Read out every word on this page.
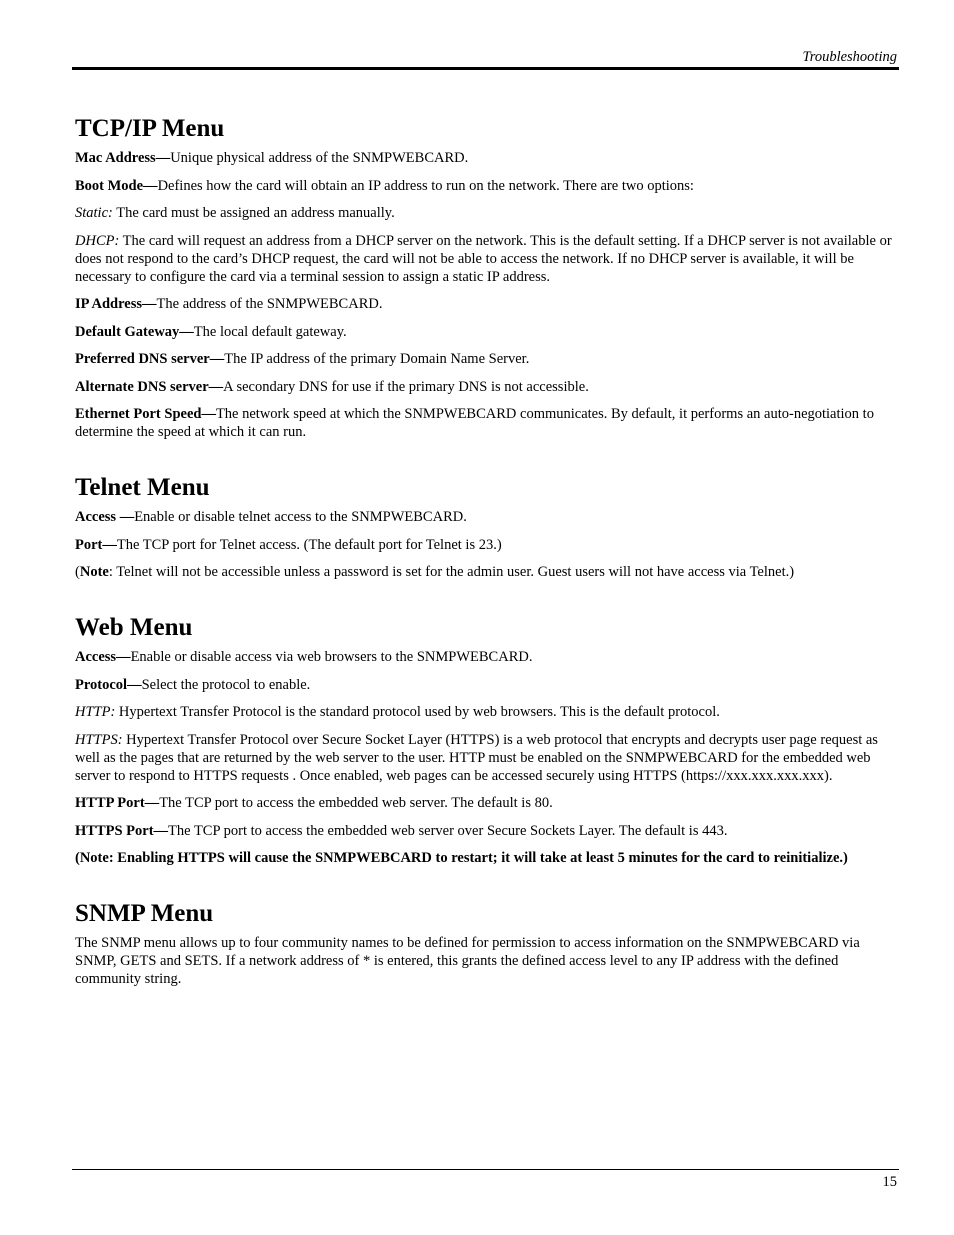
Troubleshooting
TCP/IP Menu

Mac Address—Unique physical address of the SNMPWEBCARD.

Boot Mode—Defines how the card will obtain an IP address to run on the network. There are two options:

Static: The card must be assigned an address manually.

DHCP: The card will request an address from a DHCP server on the network. This is the default setting. If a DHCP server is not available or does not respond to the card’s DHCP request, the card will not be able to access the network. If no DHCP server is available, it will be necessary to configure the card via a terminal session to assign a static IP address.

IP Address—The address of the SNMPWEBCARD.

Default Gateway—The local default gateway.

Preferred DNS server—The IP address of the primary Domain Name Server.

Alternate DNS server—A secondary DNS for use if the primary DNS is not accessible.

Ethernet Port Speed—The network speed at which the SNMPWEBCARD communicates. By default, it performs an auto-negotiation to determine the speed at which it can run.

Telnet Menu

Access —Enable or disable telnet access to the SNMPWEBCARD.

Port—The TCP port for Telnet access. (The default port for Telnet is 23.)

(Note: Telnet will not be accessible unless a password is set for the admin user. Guest users will not have access via Telnet.)

Web Menu

Access—Enable or disable access via web browsers to the SNMPWEBCARD.

Protocol—Select the protocol to enable.

HTTP: Hypertext Transfer Protocol is the standard protocol used by web browsers. This is the default protocol.

HTTPS: Hypertext Transfer Protocol over Secure Socket Layer (HTTPS) is a web protocol that encrypts and decrypts user page request as well as the pages that are returned by the web server to the user. HTTP must be enabled on the SNMPWEBCARD for the embedded web server to respond to HTTPS requests . Once enabled, web pages can be accessed securely using HTTPS (https://xxx.xxx.xxx.xxx).

HTTP Port—The TCP port to access the embedded web server. The default is 80.

HTTPS Port—The TCP port to access the embedded web server over Secure Sockets Layer. The default is 443.

(Note: Enabling HTTPS will cause the SNMPWEBCARD to restart; it will take at least 5 minutes for the card to reinitialize.)

SNMP Menu

The SNMP menu allows up to four community names to be defined for permission to access information on the SNMPWEBCARD via SNMP, GETS and SETS. If a network address of * is entered, this grants the defined access level to any IP address with the defined community string.

15
